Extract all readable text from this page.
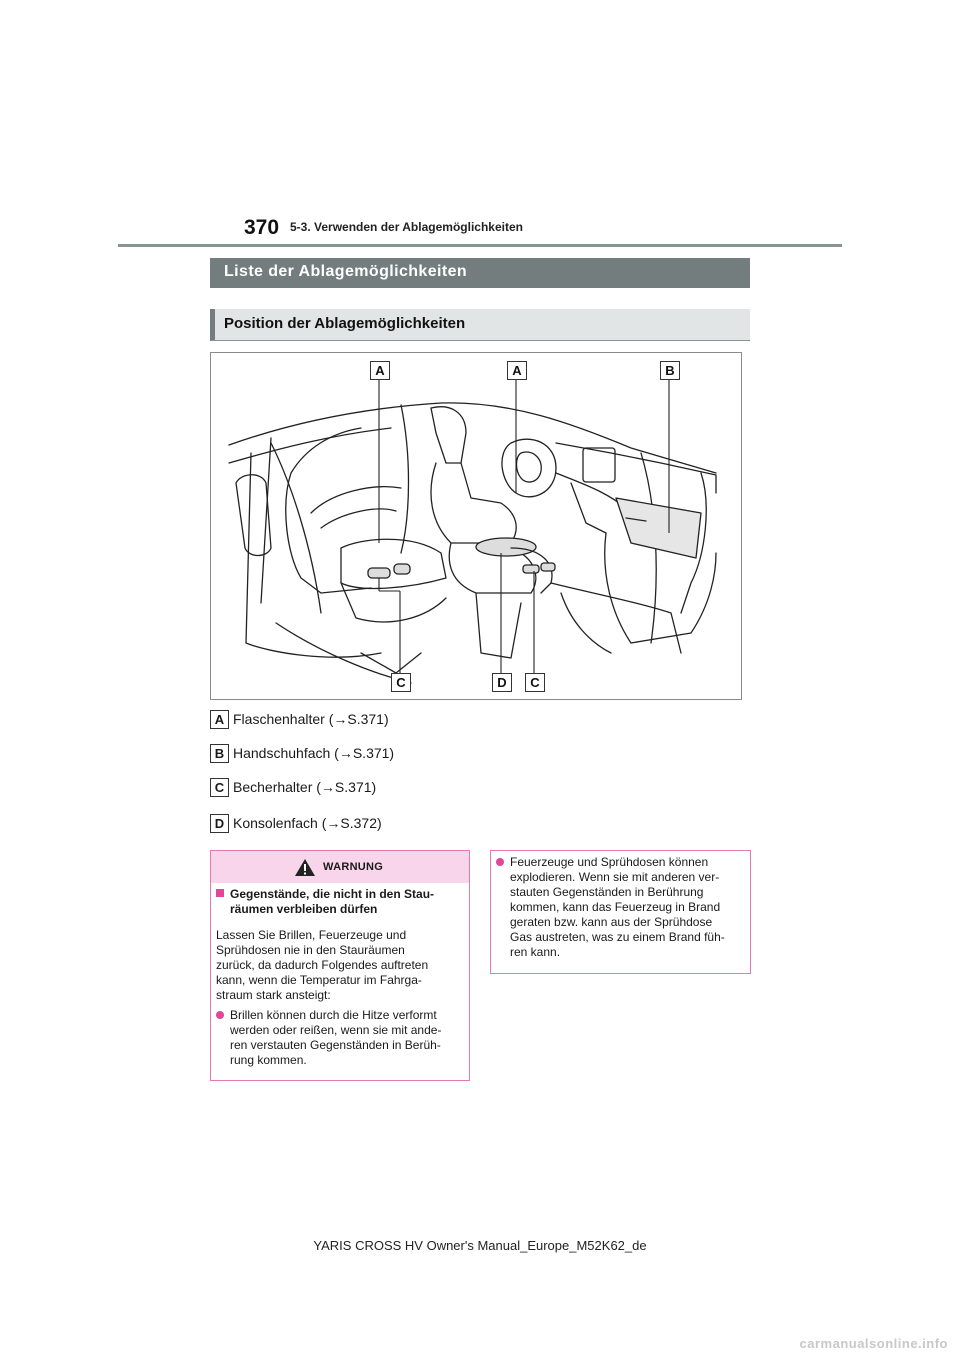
370 5-3. Verwenden der Ablagemöglichkeiten
Liste der Ablagemöglichkeiten
Position der Ablagemöglichkeiten
A	A	B
C	D	C
A Flaschenhalter (→S.371)
B Handschuhfach (→S.371)
C Becherhalter (→S.371)
D Konsolenfach (→S.372)
WARNUNG
Gegenstände, die nicht in den Stau-
räumen verbleiben dürfen
Lassen Sie Brillen, Feuerzeuge und
Sprühdosen nie in den Stauräumen
zurück, da dadurch Folgendes auftreten
kann, wenn die Temperatur im Fahrga-
straum stark ansteigt:
Brillen können durch die Hitze verformt
werden oder reißen, wenn sie mit ande-
ren verstauten Gegenständen in Berüh-
rung kommen.
Feuerzeuge und Sprühdosen können
explodieren. Wenn sie mit anderen ver-
stauten Gegenständen in Berührung
kommen, kann das Feuerzeug in Brand
geraten bzw. kann aus der Sprühdose
Gas austreten, was zu einem Brand füh-
ren kann.
YARIS CROSS HV Owner's Manual_Europe_M52K62_de
carmanualsonline.info
